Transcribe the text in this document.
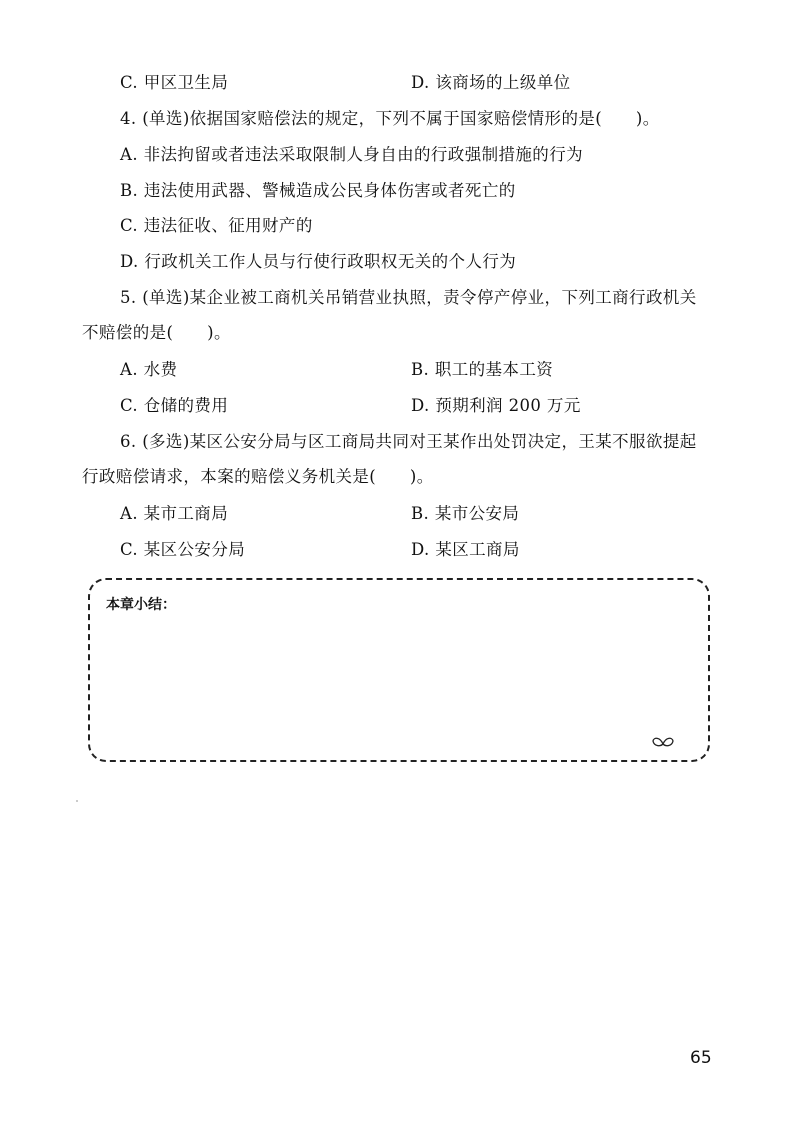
C. 甲区卫生局	D. 该商场的上级单位
4. (单选)依据国家赔偿法的规定，下列不属于国家赔偿情形的是(　　)。
A. 非法拘留或者违法采取限制人身自由的行政强制措施的行为
B. 违法使用武器、警械造成公民身体伤害或者死亡的
C. 违法征收、征用财产的
D. 行政机关工作人员与行使行政职权无关的个人行为
5. (单选)某企业被工商机关吊销营业执照，责令停产停业，下列工商行政机关
不赔偿的是(　　)。
A. 水费	B. 职工的基本工资
C. 仓储的费用	D. 预期利润 200 万元
6. (多选)某区公安分局与区工商局共同对王某作出处罚决定，王某不服欲提起
行政赔偿请求，本案的赔偿义务机关是(　　)。
A. 某市工商局	B. 某市公安局
C. 某区公安分局	D. 某区工商局
本章小结：
65
